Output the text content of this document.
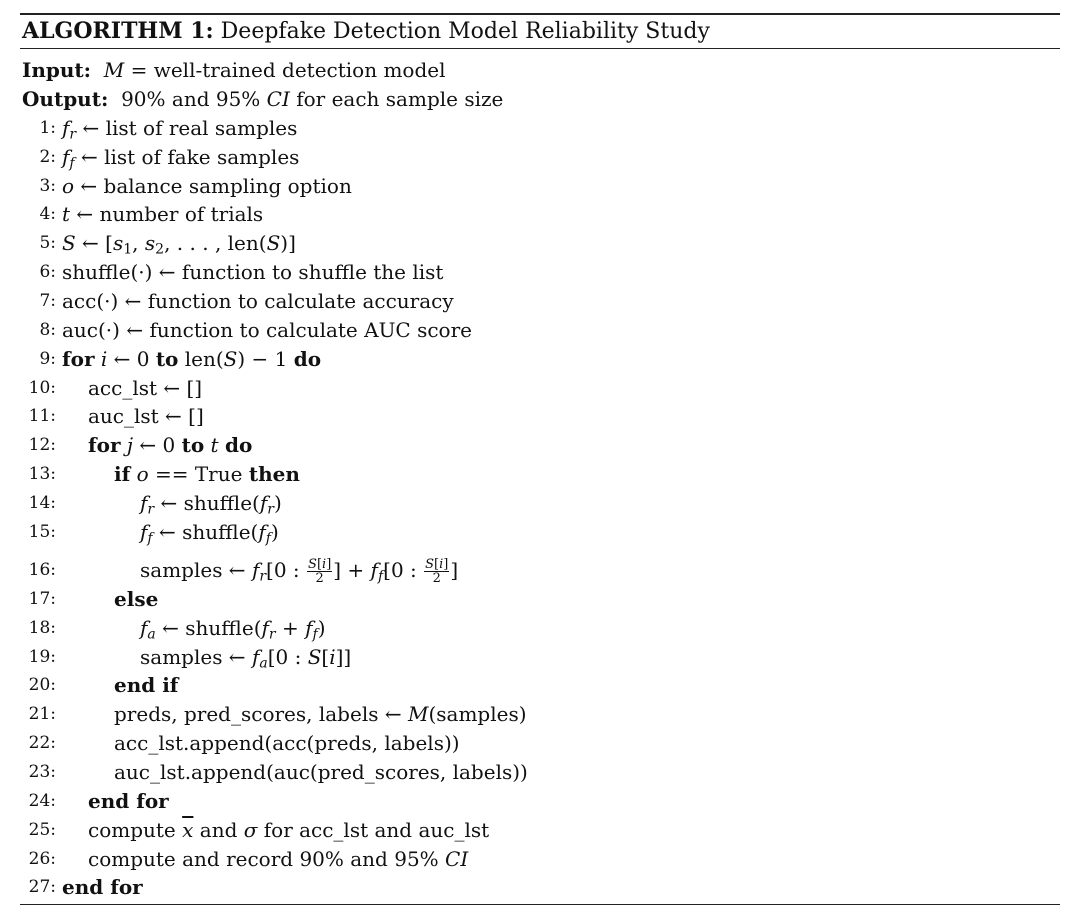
ALGORITHM 1: Deepfake Detection Model Reliability Study
Input: M = well-trained detection model
Output: 90% and 95% CI for each sample size
1: $f_r$ ← list of real samples
2: $f_f$ ← list of fake samples
3: o ← balance sampling option
4: t ← number of trials
5: S ← [$s_1$, $s_2$, . . . , len(S)]
6: shuffle(·) ← function to shuffle the list
7: acc(·) ← function to calculate accuracy
8: auc(·) ← function to calculate AUC score
9: for i ← 0 to len(S) − 1 do
10: acc_lst ← []
11: auc_lst ← []
12: for j ← 0 to t do
13:	if o == True then
14:	$f_r$ ← $shuffle(f_r)$
15:	$f_f$ ← $shuffle(f_f)$
16:	samples ← $f_r[0$ : $\frac{S[i]}{2}$ ] + $f_f[0$ : $\frac{S[i]}{2}$ ]
17:	else
18:	$f_a$ ← $shuffle(f_r + f_f)$
19:	samples ← $f_a[0$ : S[i]]
20:	end if
21:	preds, pred_scores, labels ← M(samples)
22:	acc_lst.append(acc(preds, labels))
23:	auc_lst.append(auc(pred_scores, labels))
24: end for
25: compute $\overline{x}$ and σ for acc_lst and auc_lst
26: compute and record 90% and 95% CI
27: end for
